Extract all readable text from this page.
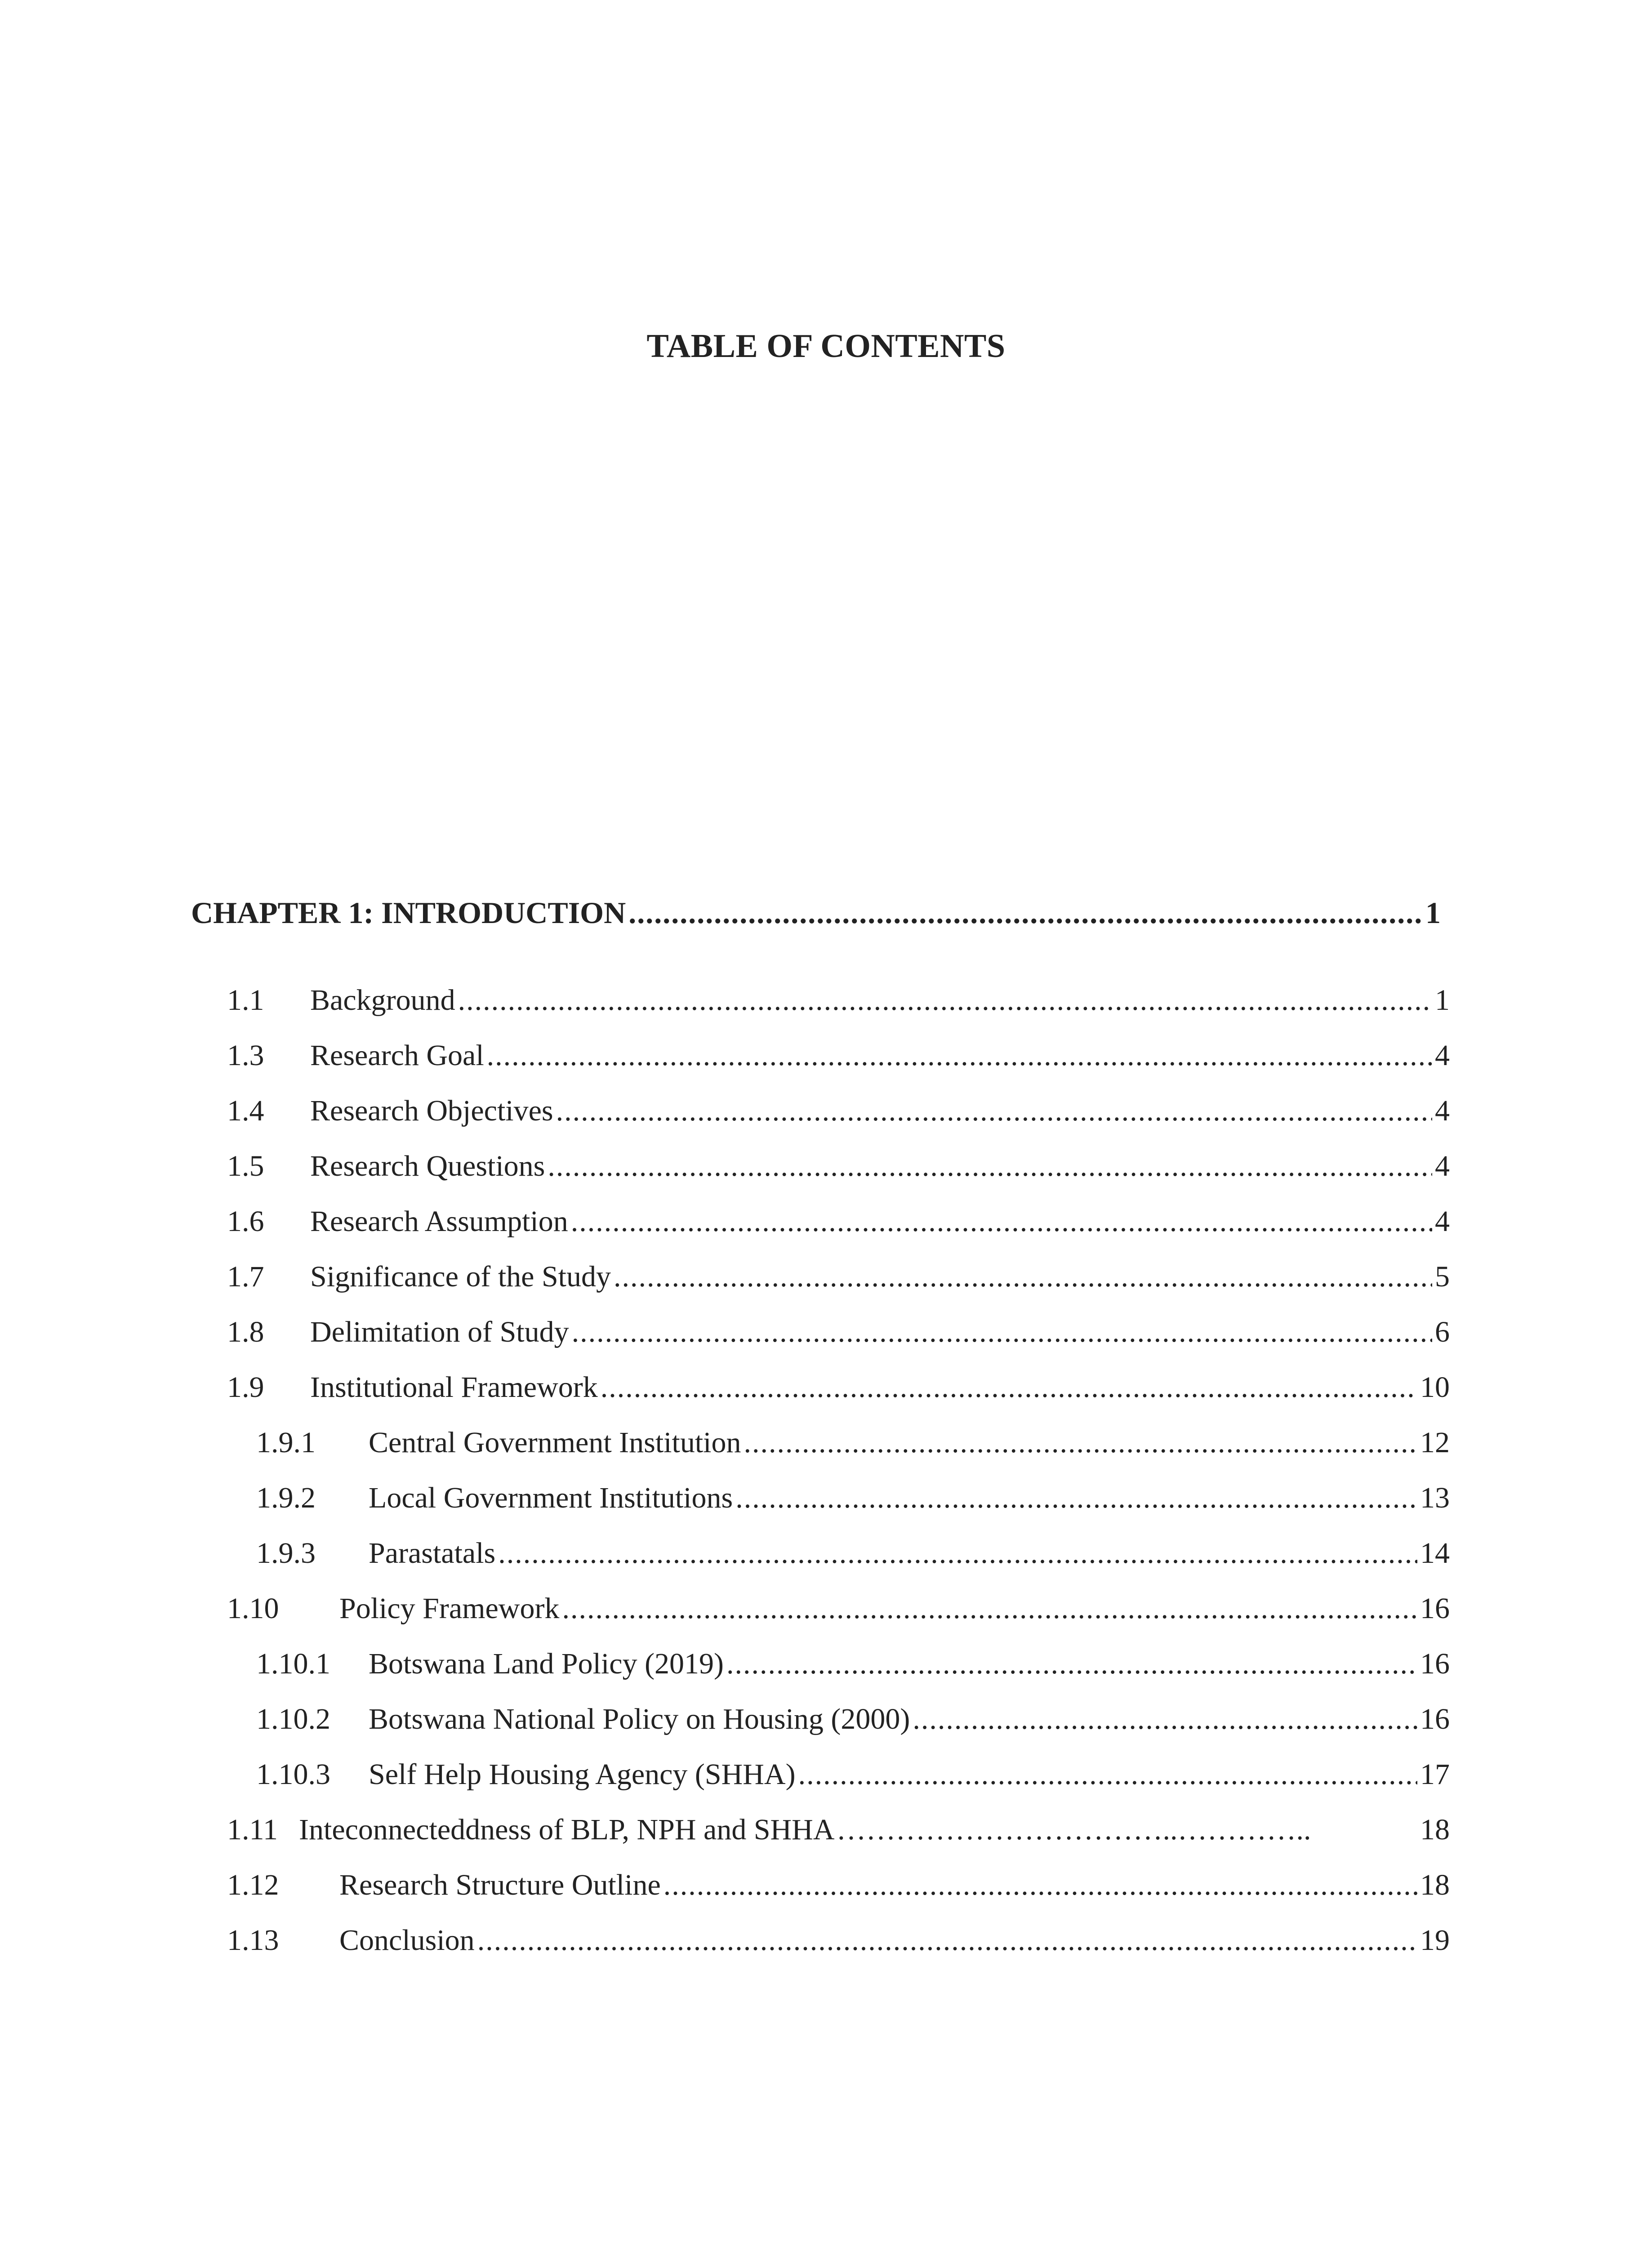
TABLE OF CONTENTS
CHAPTER 1: INTRODUCTION .....	1
1.1	Background .....	1
1.3	Research Goal .....	4
1.4	Research Objectives .....	4
1.5	Research Questions .....	4
1.6	Research Assumption .....	4
1.7	Significance of the Study .....	5
1.8	Delimitation of Study .....	6
1.9	Institutional Framework .....	10
1.9.1	Central Government Institution .....	12
1.9.2	Local Government Institutions .....	13
1.9.3	Parastatals .....	14
1.10	Policy Framework .....	16
1.10.1	Botswana Land Policy (2019) .....	16
1.10.2	Botswana National Policy on Housing (2000) .....	16
1.10.3	Self Help Housing Agency (SHHA) .....	17
1.11 Inteconnecteddness of BLP, NPH and SHHA ……………………………..…………..	18
1.12	Research Structure Outline .....	18
1.13	Conclusion .....	19
